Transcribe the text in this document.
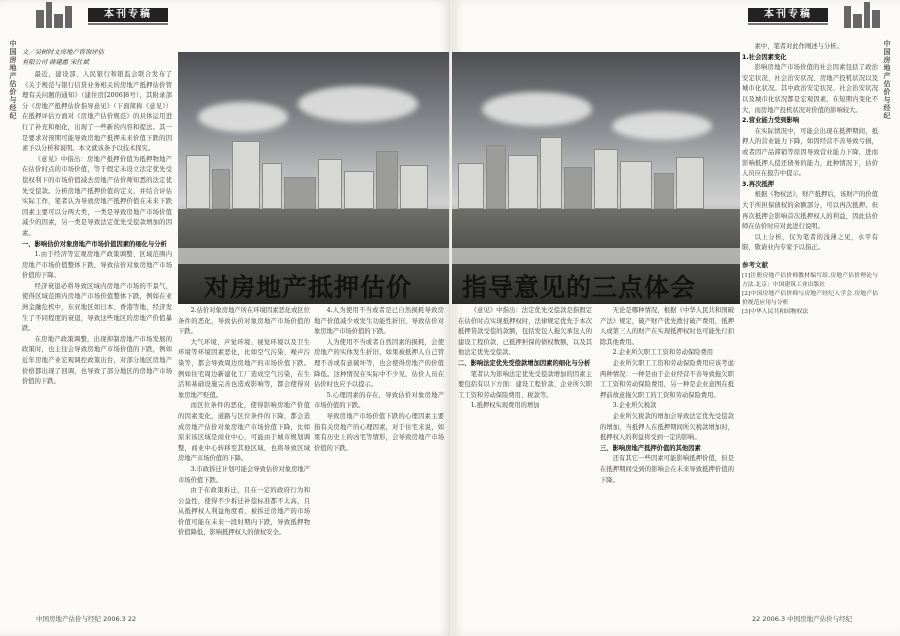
本刊专稿
中国房地产估价与经纪 文／吴树时文房地产咨询评估
有限公司 薛建惠 宋仕斌

最近，建设部、人民银行和银监会联合发布了《关于规范与银行信贷业务相关的房地产抵押估价管理有关问题的通知》（建住房[2006]8号），其附录部分《房地产抵押估价指导意见》（下面简称《意见》）在抵押评估方面对《房地产估价规范》的具体运用进行了补充和细化，出现了一些新的内容和提法。其一是要求对预期可能导致房地产抵押未来价值下跌的因素予以分析和说明。本文就该条予以技术探究。

《意见》中指出：房地产抵押价值为抵押物地产在估价时点的市场价值，等于假定未设立法定优先受偿权利下的市场价值减去房地产估价师知悉的法定优先受偿款。分析房地产抵押价值的定义，并结合评估实际工作，笔者认为导致房地产抵押价值在未来下跌因素主要可以分两大类，一类是导致房地产市场价值减少的因素，另一类是导致法定优先受偿款增加的因素。

一、影响估价对象房地产市场价值因素的细化与分析

1.由于经济等宏观房地产政策调整、区域范围内房地产市场价值整体下跌，导致估价对象房地产市场价值的下降。

经济衰退必将导致区域内房地产市场的不景气，使得区域范围内房地产市场价值整体下跌，例如在亚洲金融危机中，东亚地区如日本、香港等地，经济发生了不同程度的衰退，导致这些地区的房地产价值暴跌。

在房地产政策调整，出现抑制房地产市场发展的政策时，也主往会导致房地产市场价值的下跌，例如近年房地产业宏观调控政策出台，对部分地区房地产价格都出现了回调，也导致了部分地区的房地产市场价值的下跌。

对房地产抵押估价

2.估价对象房地产所在环境因素恶化或区位条件的恶化，导致估价对象房地产市场价值的下跌。

大气环境、声觉环境、视觉环境以及卫生环境等环境因素恶化，比如空气污染、噪声污染等，都会导致周边房地产的市场价值下跌。例如住宅周边新建化工厂造成空气污染，在生活和基础设施完善也造成影响等，都会使得对象房地产贬值。

而区位条件的恶化，使得影响房地产价值的因素变化，道路与区位条件的下降，都会造成房地产估价对象房地产市场价值下降，比如原来该区域是商业中心，可能由于城市规划调整，商业中心转移至其他区域，也将导致区域房地产市场价值的下降。

3.市政拆迁计划可能会导致估价对象房地产市场价值下跌。

由于在政策拆迁，且在一定的政府行为和公益性，使得不少拆迁补偿标准都不太高，且从抵押权人利益角度看，被拆迁房地产的市场价值可能在未来一段时期内下跌，导致抵押物价值降低，影响抵押权人的债权安全。

4.人为使用不当或者是已自然损耗导致房地产价值减少或发生功能性折旧，导致估价对象房地产市场价值的下跌。

人为使用不当或者自然因素的损耗，会使房地产的实体发生折旧，如果被抵押人自己管理不善或有意破坏等，也会使得房地产的价值降低。这种情况在实际中不少见，估价人员在估价时也应予以提示。

5.心理因素的存在，导致估价对象房地产市场价值的下跌。

导致房地产市场价值下跌的心理因素主要指有关房地产的心理因素，对于住宅来说，如果有历史上的凶宅等情形，会导致房地产市场价值的下跌。

中国房地产估价与经纪 2006.3 22
本刊专稿
中国房地产估价与经纪
指导意见的三点体会

《意见》中指出：法定优先受偿款是指假定在估价时点实现抵押权时，法律规定优先于本次抵押贷款受偿的款额，包括发包人拖欠承包人的建设工程价款、已抵押担保的债权数额，以及其他法定优先受偿款。

二、影响法定优先受偿款增加因素的细化与分析

笔者认为影响法定优先受偿款增加的因素主要包括有以下方面：建设工程价款、企业所欠职工工资和劳动保险费用、税款等。

1.抵押权实现费用的增加

无论是哪种情况，根据《中华人民共和国破产法》规定，破产财产优先拨付破产费用，抵押人或第三人的财产在实现抵押权时也可能先行扣除其他费用。

2.企业所欠职工工资和劳动保险费用

企业所欠职工工资和劳动保险费用应该考虑两种情况：一种是由于企业经营不善导致拖欠职工工资和劳动保险费用，另一种是企业意图在抵押前故意拖欠职工的工资和劳动保险费用。

3.企业所欠税款

企业所欠税款的增加会导致法定优先受偿款的增加，当抵押人在抵押期间所欠税款增加时，抵押权人的利益将受到一定的影响。

三、影响房地产抵押价值的其他因素

还有其它一些因素可能影响抵押价值，但是在抵押期间受到的影响会在未来导致抵押价值的下降。

素中，笔者对此作阐述与分析。

1.社会因素变化

影响房地产市场价值的社会因素包括了政治安定状况、社会治安状况、房地产投机状况以及城市化状况。其中政治安定状况、社会治安状况以及城市化状况都是宏观因素，在短期内变化不大，而房地产投机状况对价值的影响较大。

2.营业能力受到影响

在实际情况中，可能会出现在抵押期间，抵押人的营业能力下降，如因经营不善导致亏损，或者因产品滞销等原因导致营业能力下降，进而影响抵押人偿还债务的能力，此种情况下，估价人员应在报告中提示。

3.再次抵押

根据《物权法》，财产抵押后，该财产的价值大于所担保债权的余额部分，可以再次抵押。但再次抵押会影响首次抵押权人的利益，因此估价师在估价时应对此进行说明。

以上分析，仅为笔者的浅薄之见，水平有限，敬请业内专家予以指正。

参考文献
[1]注册房地产估价师教材编写组.房地产估价理论与方法.北京：中国建筑工业出版社
[2]中国房地产估价师与房地产经纪人学会.房地产估价规范应用与分析
[3]中华人民共和国物权法
22 2006.3 中国房地产估价与经纪
